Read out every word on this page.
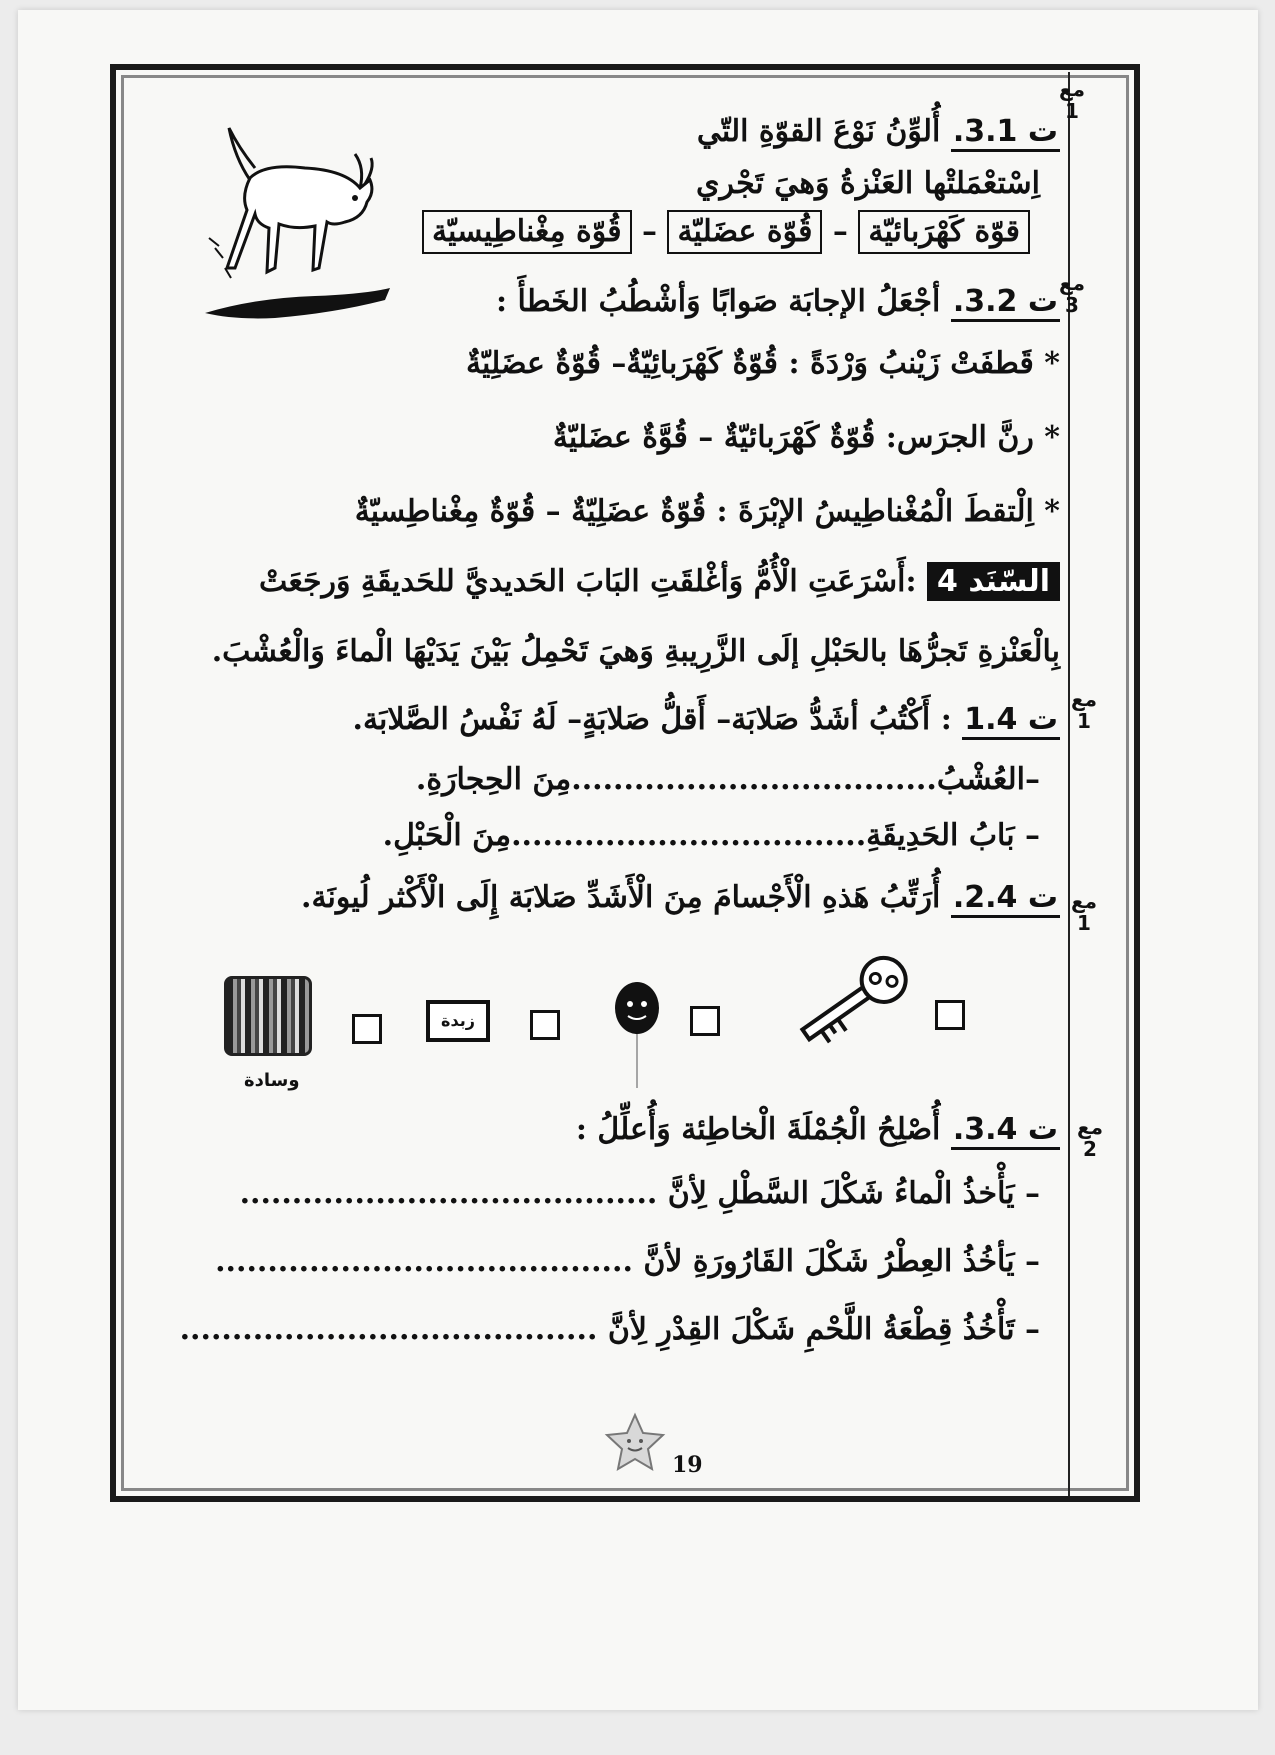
مع
1
مع
3
مع
1
مع
1
مع
2
ت 3.1. أُلوِّنُ نَوْعَ القوّةِ التّي
اِسْتعْمَلتْها العَنْزةُ وَهيَ تَجْري
قوّة كَهْرَبائيّة – قُوّة عضَليّة – قُوّة مِغْناطِيسيّة
ت 3.2. أجْعَلُ الإجابَة صَوابًا وَأشْطُبُ الخَطأَ :
* قَطفَتْ زَيْنبُ وَرْدَةً : قُوّةٌ كَهْرَبائِيّةٌ– قُوّةٌ عضَلِيّةٌ
* رنَّ الجرَس: قُوّةٌ كَهْرَبائيّةٌ – قُوَّةٌ عضَليّةٌ
* اِلْتقطَ الْمُغْناطِيسُ الإبْرَةَ : قُوّةٌ عضَلِيّةٌ – قُوّةٌ مِغْناطِسيّةٌ
السّنَد 4 :أَسْرَعَتِ الْأُمُّ وَأغْلقَتِ البَابَ الحَديديَّ للحَديقَةِ وَرجَعَتْ
بِالْعَنْزةِ تَجرُّهَا بالحَبْلِ إلَى الزَّرِيبةِ وَهيَ تَحْمِلُ بَيْنَ يَدَيْهَا الْماءَ وَالْعُشْبَ.
ت 1.4 : أَكْتُبُ أشَدُّ صَلابَة– أَقلُّ صَلابَةٍ– لَهُ نَفْسُ الصَّلابَة.
–العُشْبُ...................................مِنَ الحِجارَةِ.
– بَابُ الحَدِيقَةِ..................................مِنَ الْحَبْلِ.
ت 2.4. أُرَتِّبُ هَذهِ الْأَجْسامَ مِنَ الْأَشَدِّ صَلابَة إِلَى الْأَكْثر لُيونَة.
ت 3.4. أُصْلِحُ الْجُمْلَةَ الْخاطِئة وَأُعلِّلُ :
– يَأْخذُ الْماءُ شَكْلَ السَّطْلِ لِأنَّ ........................................
– يَأخُذُ العِطْرُ شَكْلَ القَارُورَةِ لأنَّ ........................................
– تَأْخُذُ قِطْعَةُ اللَّحْمِ شَكْلَ القِدْرِ لِأنَّ ........................................
زبدة
وسادة
19
